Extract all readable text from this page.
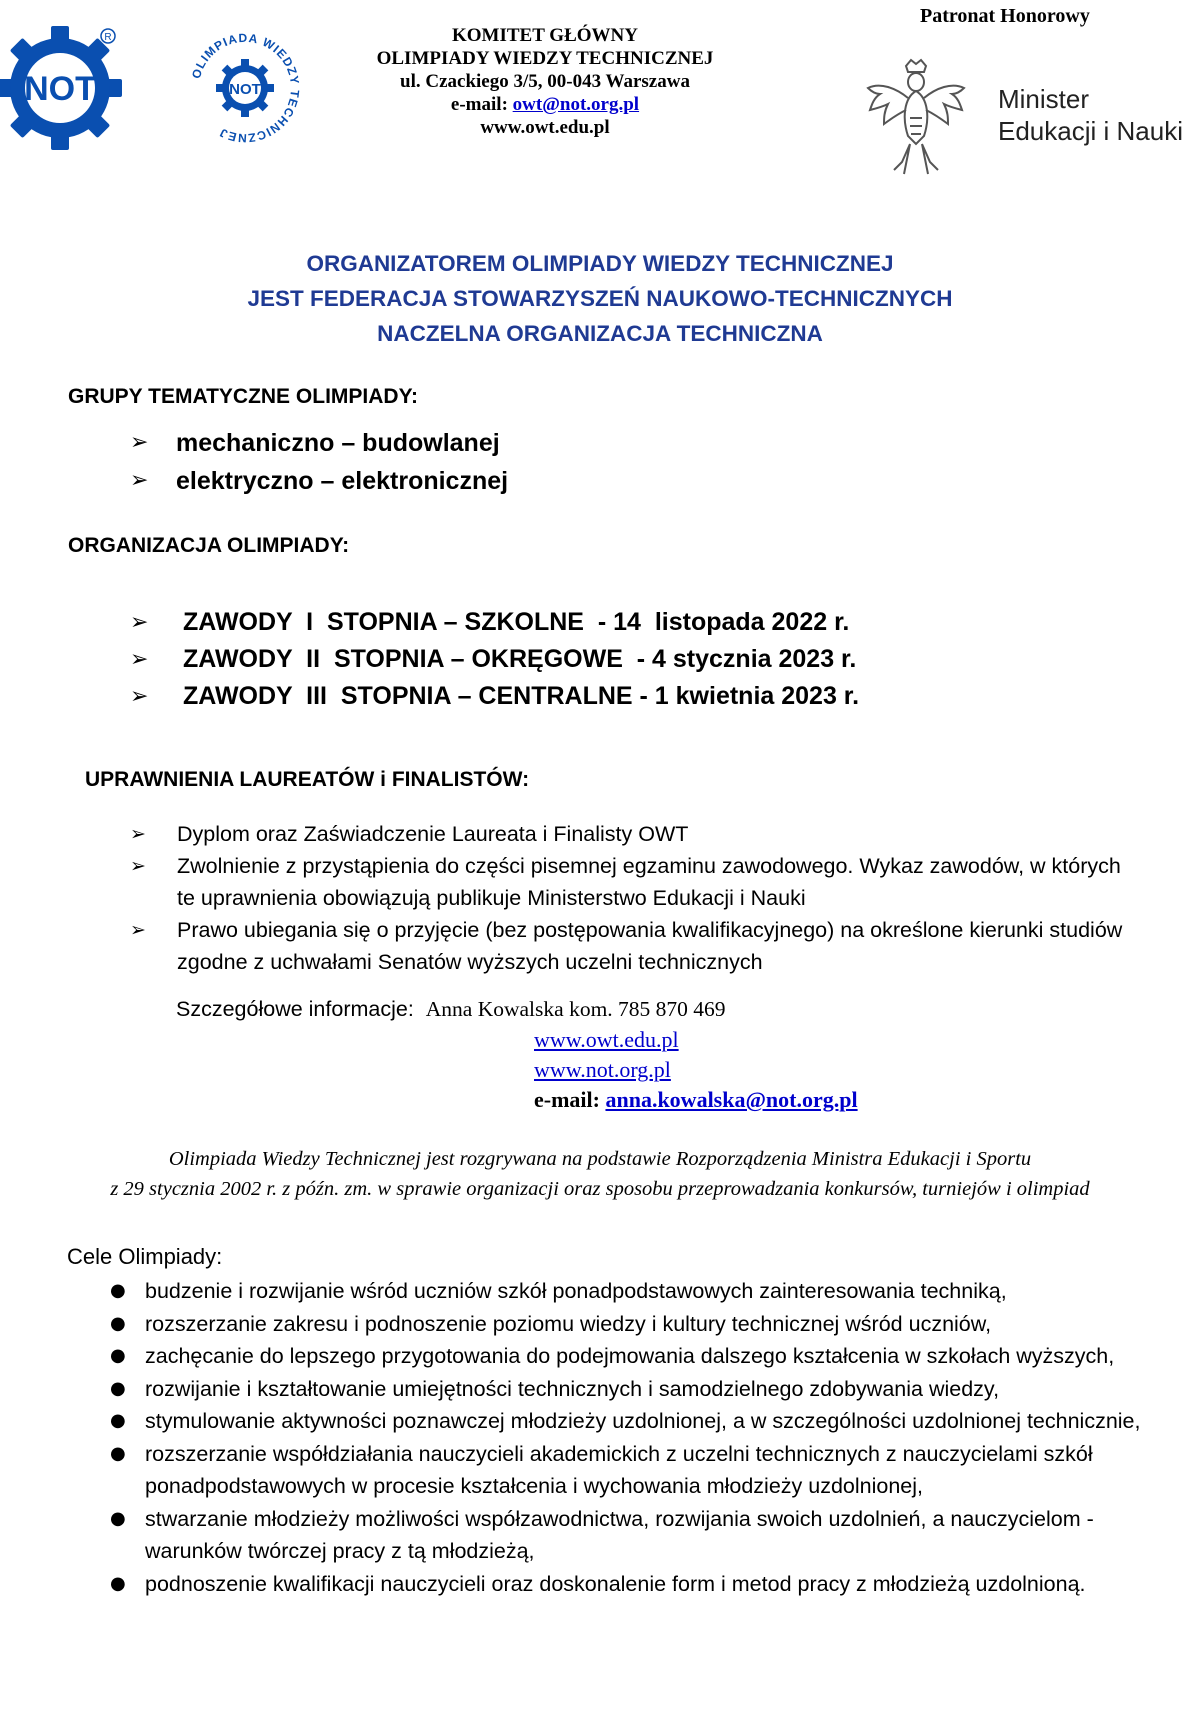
NOT
R
OLIMPIADA WIEDZY TECHNICZNEJ
NOT
KOMITET GŁÓWNY
OLIMPIADY WIEDZY TECHNICZNEJ
ul. Czackiego 3/5, 00-043 Warszawa
e-mail: owt@not.org.pl
www.owt.edu.pl
Patronat Honorowy
Minister
Edukacji i Nauki
ORGANIZATOREM OLIMPIADY WIEDZY TECHNICZNEJ
JEST FEDERACJA STOWARZYSZEŃ NAUKOWO-TECHNICZNYCH
NACZELNA ORGANIZACJA TECHNICZNA
GRUPY TEMATYCZNE OLIMPIADY:
➢ mechaniczno – budowlanej
➢ elektryczno – elektronicznej
ORGANIZACJA OLIMPIADY:
➢ ZAWODY  I  STOPNIA – SZKOLNE  - 14  listopada 2022 r.
➢ ZAWODY  II  STOPNIA – OKRĘGOWE  - 4 stycznia 2023 r.
➢ ZAWODY  III  STOPNIA – CENTRALNE - 1 kwietnia 2023 r.
UPRAWNIENIA LAUREATÓW i FINALISTÓW:
➢ Dyplom oraz Zaświadczenie Laureata i Finalisty OWT
➢ Zwolnienie z przystąpienia do części pisemnej egzaminu zawodowego. Wykaz zawodów, w których te uprawnienia obowiązują publikuje Ministerstwo Edukacji i Nauki
➢ Prawo ubiegania się o przyjęcie (bez postępowania kwalifikacyjnego) na określone kierunki studiów zgodne z uchwałami Senatów wyższych uczelni technicznych
Szczegółowe informacje: Anna Kowalska kom. 785 870 469
www.owt.edu.pl
www.not.org.pl
e-mail: anna.kowalska@not.org.pl
Olimpiada Wiedzy Technicznej jest rozgrywana na podstawie Rozporządzenia Ministra Edukacji i Sportu
z 29 stycznia 2002 r. z późn. zm. w sprawie organizacji oraz sposobu przeprowadzania konkursów, turniejów i olimpiad
Cele Olimpiady:
● budzenie i rozwijanie wśród uczniów szkół ponadpodstawowych zainteresowania techniką,
● rozszerzanie zakresu i podnoszenie poziomu wiedzy i kultury technicznej wśród uczniów,
● zachęcanie do lepszego przygotowania do podejmowania dalszego kształcenia w szkołach wyższych,
● rozwijanie i kształtowanie umiejętności technicznych i samodzielnego zdobywania wiedzy,
● stymulowanie aktywności poznawczej młodzieży uzdolnionej, a w szczególności uzdolnionej technicznie,
● rozszerzanie współdziałania nauczycieli akademickich z uczelni technicznych z nauczycielami szkół ponadpodstawowych w procesie kształcenia i wychowania młodzieży uzdolnionej,
● stwarzanie młodzieży możliwości współzawodnictwa, rozwijania swoich uzdolnień, a nauczycielom - warunków twórczej pracy z tą młodzieżą,
● podnoszenie kwalifikacji nauczycieli oraz doskonalenie form i metod pracy z młodzieżą uzdolnioną.
